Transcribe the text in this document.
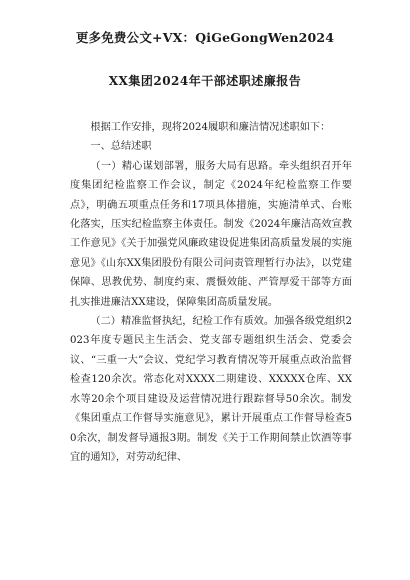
更多免费公文+VX：QiGeGongWen2024
XX集团2024年干部述职述廉报告

根据工作安排，现将2024履职和廉洁情况述职如下：

一、总结述职

（一）精心谋划部署，服务大局有思路。牵头组织召开年度集团纪检监察工作会议，制定《2024年纪检监察工作要点》，明确五项重点任务和17项具体措施，实施清单式、台账化落实，压实纪检监察主体责任。制发《2024年廉洁高效宣教工作意见》《关于加强党风廉政建设促进集团高质量发展的实施意见》《山东XX集团股份有限公司问责管理暂行办法》，以党建保障、思教优势、制度约束、震慑效能、严管厚爱干部等方面扎实推进廉洁XX建设，保障集团高质量发展。

（二）精准监督执纪，纪检工作有质效。加强各级党组织2023年度专题民主生活会、党支部专题组织生活会、党委会议、“三重一大”会议、党纪学习教育情况等开展重点政治监督检查120余次。常态化对XXXX二期建设、XXXXX仓库、XX水等20余个项目建设及运营情况进行跟踪督导50余次。制发《集团重点工作督导实施意见》，累计开展重点工作督导检查50余次，制发督导通报3期。制发《关于工作期间禁止饮酒等事宜的通知》，对劳动纪律、
